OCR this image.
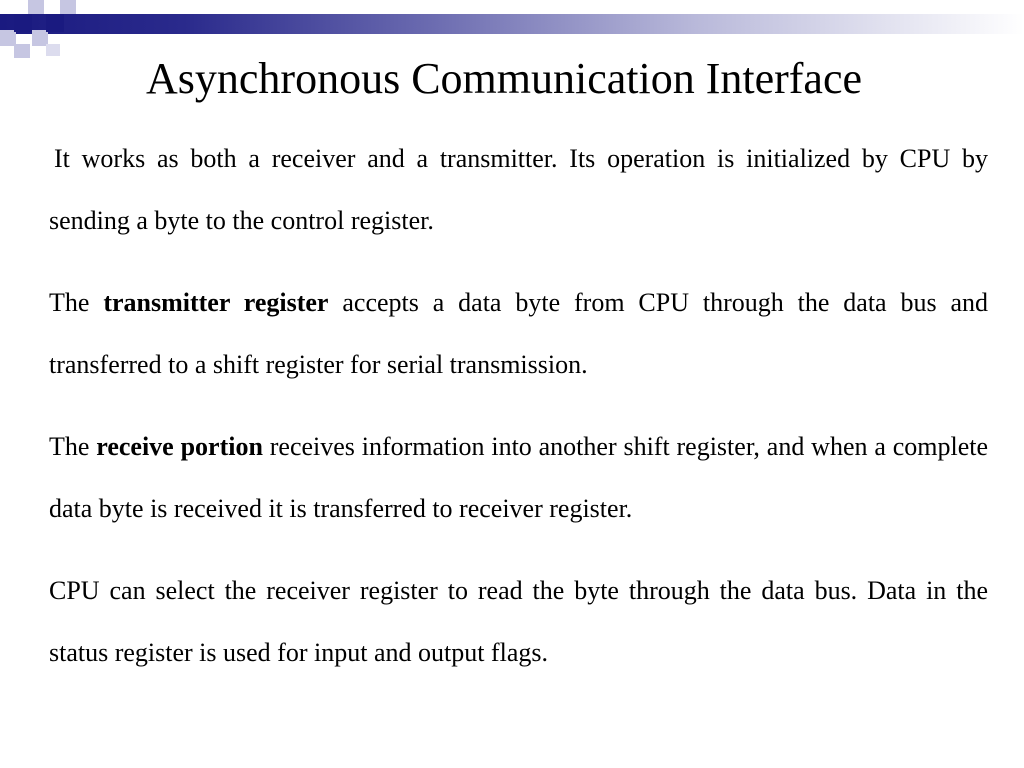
Asynchronous Communication Interface

It works as both a receiver and a transmitter. Its operation is initialized by CPU by sending a byte to the control register.

The transmitter register accepts a data byte from CPU through the data bus and transferred to a shift register for serial transmission.

The receive portion receives information into another shift register, and when a complete data byte is received it is transferred to receiver register.

CPU can select the receiver register to read the byte through the data bus. Data in the status register is used for input and output flags.
